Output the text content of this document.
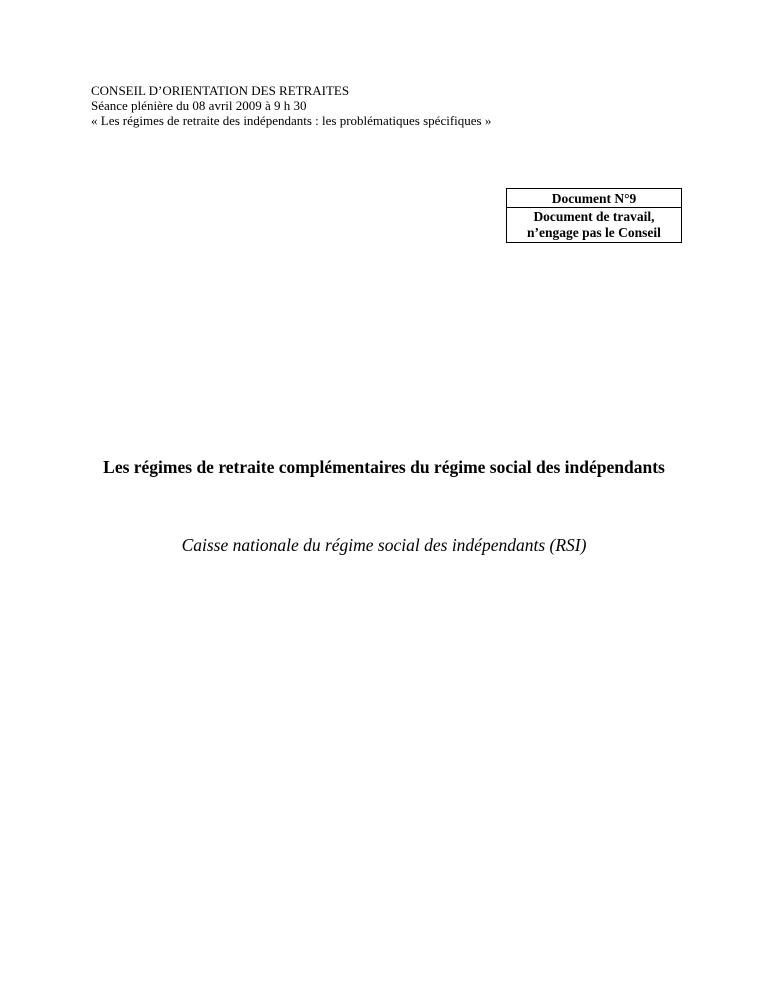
CONSEIL D’ORIENTATION DES RETRAITES
Séance plénière du 08 avril 2009 à 9 h 30
« Les régimes de retraite des indépendants : les problématiques spécifiques »
Document N°9
Document de travail,
n’engage pas le Conseil
Les régimes de retraite complémentaires du régime social des indépendants
Caisse nationale du régime social des indépendants (RSI)
